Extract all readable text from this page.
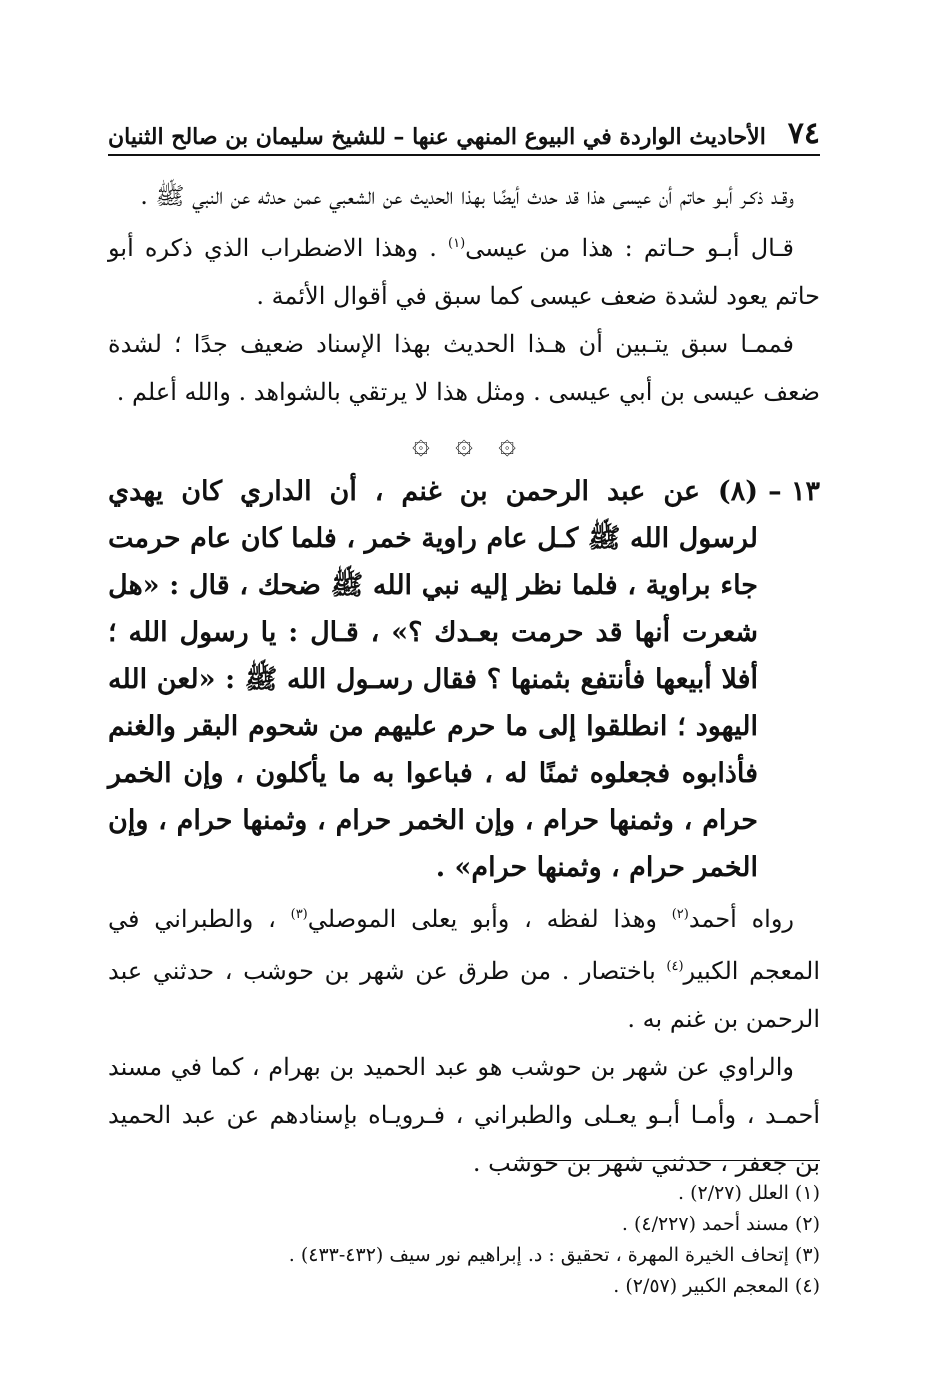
٧٤
الأحاديث الواردة في البيوع المنهي عنها – للشيخ سليمان بن صالح الثنيان

وقـد ذكـر أبـو حاتم أن عيسى هذا قد حدث أيضًا بهذا الحديث عن الشعبي عمن حدثه عن النبي ﷺ .

قـال أبـو حـاتم : هذا من عيسى$^{(١)}$ . وهذا الاضطراب الذي ذكره أبو حاتم يعود لشدة ضعف عيسى كما سبق في أقوال الأئمة .

فممـا سبق يتـبين أن هـذا الحديث بهذا الإسناد ضعيف جدًا ؛ لشدة ضعف عيسى بن أبي عيسى . ومثل هذا لا يرتقي بالشواهد . والله أعلم .

۞ ۞ ۞

١٣ –
(٨) عن عبد الرحمن بن غنم ، أن الداري كان يهدي لرسول الله ﷺ كـل عام راوية خمر ، فلما كان عام حرمت جاء براوية ، فلما نظر إليه نبي الله ﷺ ضحك ، قال : «هل شعرت أنها قد حرمت بعـدك ؟» ، قـال : يا رسول الله ؛ أفلا أبيعها فأنتفع بثمنها ؟ فقال رسـول الله ﷺ : «لعن الله اليهود ؛ انطلقوا إلى ما حرم عليهم من شحوم البقر والغنم فأذابوه فجعلوه ثمنًا له ، فباعوا به ما يأكلون ، وإن الخمر حرام ، وثمنها حرام ، وإن الخمر حرام ، وثمنها حرام ، وإن الخمر حرام ، وثمنها حرام» .

رواه أحمد$^{(٢)}$ وهذا لفظه ، وأبو يعلى الموصلي$^{(٣)}$ ، والطبراني في المعجم الكبير$^{(٤)}$ باختصار . من طرق عن شهر بن حوشب ، حدثني عبد الرحمن بن غنم به .

والراوي عن شهر بن حوشب هو عبد الحميد بن بهرام ، كما في مسند أحمـد ، وأمـا أبـو يعـلى والطبراني ، فـرويـاه بإسنادهم عن عبد الحميد بن جعفر ، حدثني شهر بن حوشب .

(١) العلل (٢/٢٧) .

(٢) مسند أحمد (٤/٢٢٧) .

(٣) إتحاف الخيرة المهرة ، تحقيق : د. إبراهيم نور سيف (٤٣٢-٤٣٣) .

(٤) المعجم الكبير (٢/٥٧) .
